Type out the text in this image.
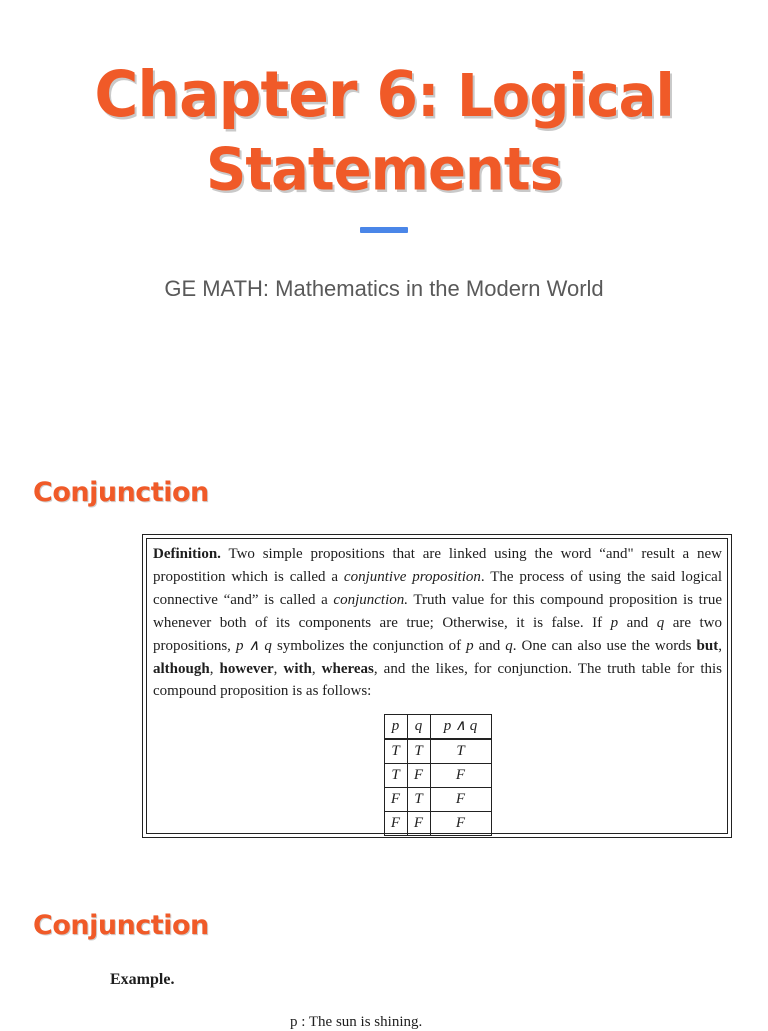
Chapter 6: Logical Statements
GE MATH: Mathematics in the Modern World
Conjunction

Definition. Two simple propositions that are linked using the word “and" result a new propostition which is called a conjuntive proposition. The process of using the said logical connective “and” is called a conjunction. Truth value for this compound proposition is true whenever both of its components are true; Otherwise, it is false. If p and q are two propositions, p ∧ q symbolizes the conjunction of p and q. One can also use the words but, although, however, with, whereas, and the likes, for conjunction. The truth table for this compound proposition is as follows:

p	q	p ∧ q
T	T	T
T	F	F
F	T	F
F	F	F
Conjunction

Example.

p : The sun is shining.
